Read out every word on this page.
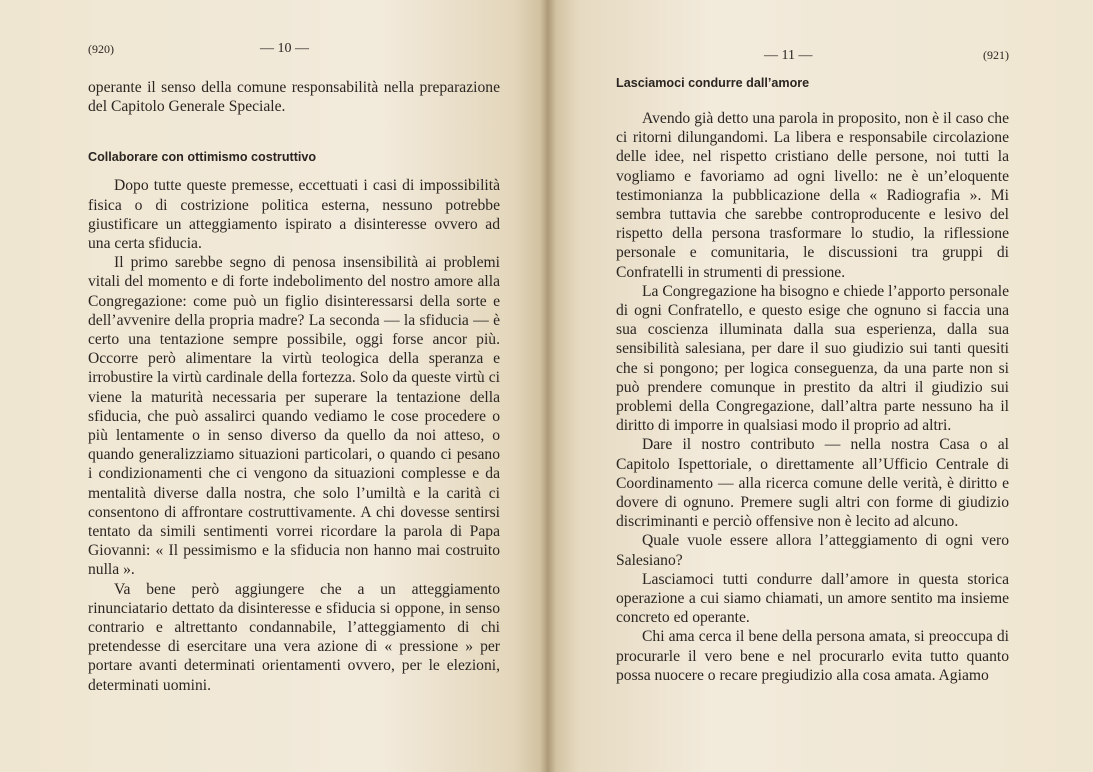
(920)	— 10 —

operante il senso della comune responsabilità nella preparazione del Capitolo Generale Speciale.

Collaborare con ottimismo costruttivo

Dopo tutte queste premesse, eccettuati i casi di impossibilità fisica o di costrizione politica esterna, nessuno potrebbe giustificare un atteggiamento ispirato a disinteresse ovvero ad una certa sfiducia.

Il primo sarebbe segno di penosa insensibilità ai problemi vitali del momento e di forte indebolimento del nostro amore alla Congregazione: come può un figlio disinteressarsi della sorte e dell’avvenire della propria madre? La seconda — la sfiducia — è certo una tentazione sempre possibile, oggi forse ancor più. Occorre però alimentare la virtù teologica della speranza e irrobustire la virtù cardinale della fortezza. Solo da queste virtù ci viene la maturità necessaria per superare la tentazione della sfiducia, che può assalirci quando vediamo le cose procedere o più lentamente o in senso diverso da quello da noi atteso, o quando generalizziamo situazioni particolari, o quando ci pesano i condizionamenti che ci vengono da situazioni complesse e da mentalità diverse dalla nostra, che solo l’umiltà e la carità ci consentono di affrontare costruttivamente. A chi dovesse sentirsi tentato da simili sentimenti vorrei ricordare la parola di Papa Giovanni: « Il pessimismo e la sfiducia non hanno mai costruito nulla ».

Va bene però aggiungere che a un atteggiamento rinunciatario dettato da disinteresse e sfiducia si oppone, in senso contrario e altrettanto condannabile, l’atteggiamento di chi pretendesse di esercitare una vera azione di « pressione » per portare avanti determinati orientamenti ovvero, per le elezioni, determinati uomini.

— 11 —	(921)
Lasciamoci condurre dall’amore

Avendo già detto una parola in proposito, non è il caso che ci ritorni dilungandomi. La libera e responsabile circolazione delle idee, nel rispetto cristiano delle persone, noi tutti la vogliamo e favoriamo ad ogni livello: ne è un’eloquente testimonianza la pubblicazione della « Radiografia ». Mi sembra tuttavia che sarebbe controproducente e lesivo del rispetto della persona trasformare lo studio, la riflessione personale e comunitaria, le discussioni tra gruppi di Confratelli in strumenti di pressione.

La Congregazione ha bisogno e chiede l’apporto personale di ogni Confratello, e questo esige che ognuno si faccia una sua coscienza illuminata dalla sua esperienza, dalla sua sensibilità salesiana, per dare il suo giudizio sui tanti quesiti che si pongono; per logica conseguenza, da una parte non si può prendere comunque in prestito da altri il giudizio sui problemi della Congregazione, dall’altra parte nessuno ha il diritto di imporre in qualsiasi modo il proprio ad altri.

Dare il nostro contributo — nella nostra Casa o al Capitolo Ispettoriale, o direttamente all’Ufficio Centrale di Coordinamento — alla ricerca comune delle verità, è diritto e dovere di ognuno. Premere sugli altri con forme di giudizio discriminanti e perciò offensive non è lecito ad alcuno.

Quale vuole essere allora l’atteggiamento di ogni vero Salesiano?

Lasciamoci tutti condurre dall’amore in questa storica operazione a cui siamo chiamati, un amore sentito ma insieme concreto ed operante.

Chi ama cerca il bene della persona amata, si preoccupa di procurarle il vero bene e nel procurarlo evita tutto quanto possa nuocere o recare pregiudizio alla cosa amata. Agiamo
